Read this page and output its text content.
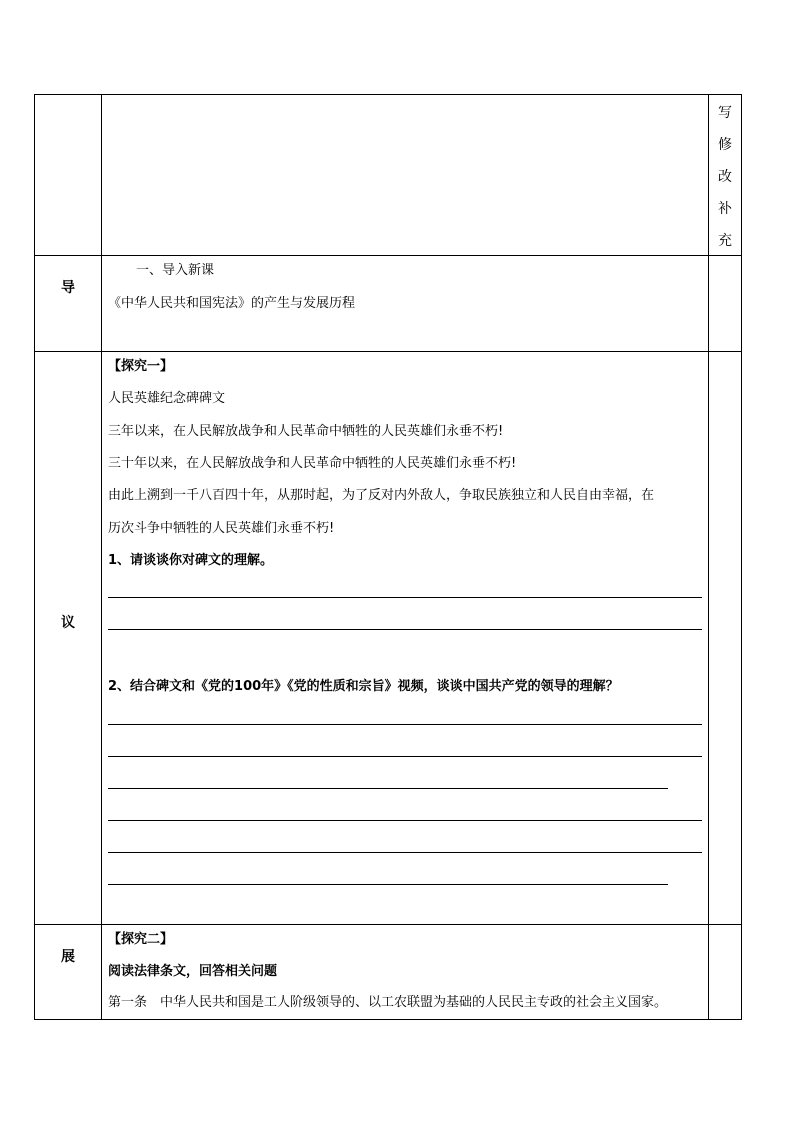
写
修
改
补
充
导
一、导入新课
《中华人民共和国宪法》的产生与发展历程
议
【探究一】
人民英雄纪念碑碑文
三年以来，在人民解放战争和人民革命中牺牲的人民英雄们永垂不朽!
三十年以来，在人民解放战争和人民革命中牺牲的人民英雄们永垂不朽!
由此上溯到一千八百四十年，从那时起，为了反对内外敌人，争取民族独立和人民自由幸福，在
历次斗争中牺牲的人民英雄们永垂不朽!
1、请谈谈你对碑文的理解。
2、结合碑文和《党的100年》《党的性质和宗旨》视频，谈谈中国共产党的领导的理解？
展
【探究二】
阅读法律条文，回答相关问题
第一条　中华人民共和国是工人阶级领导的、以工农联盟为基础的人民民主专政的社会主义国家。
